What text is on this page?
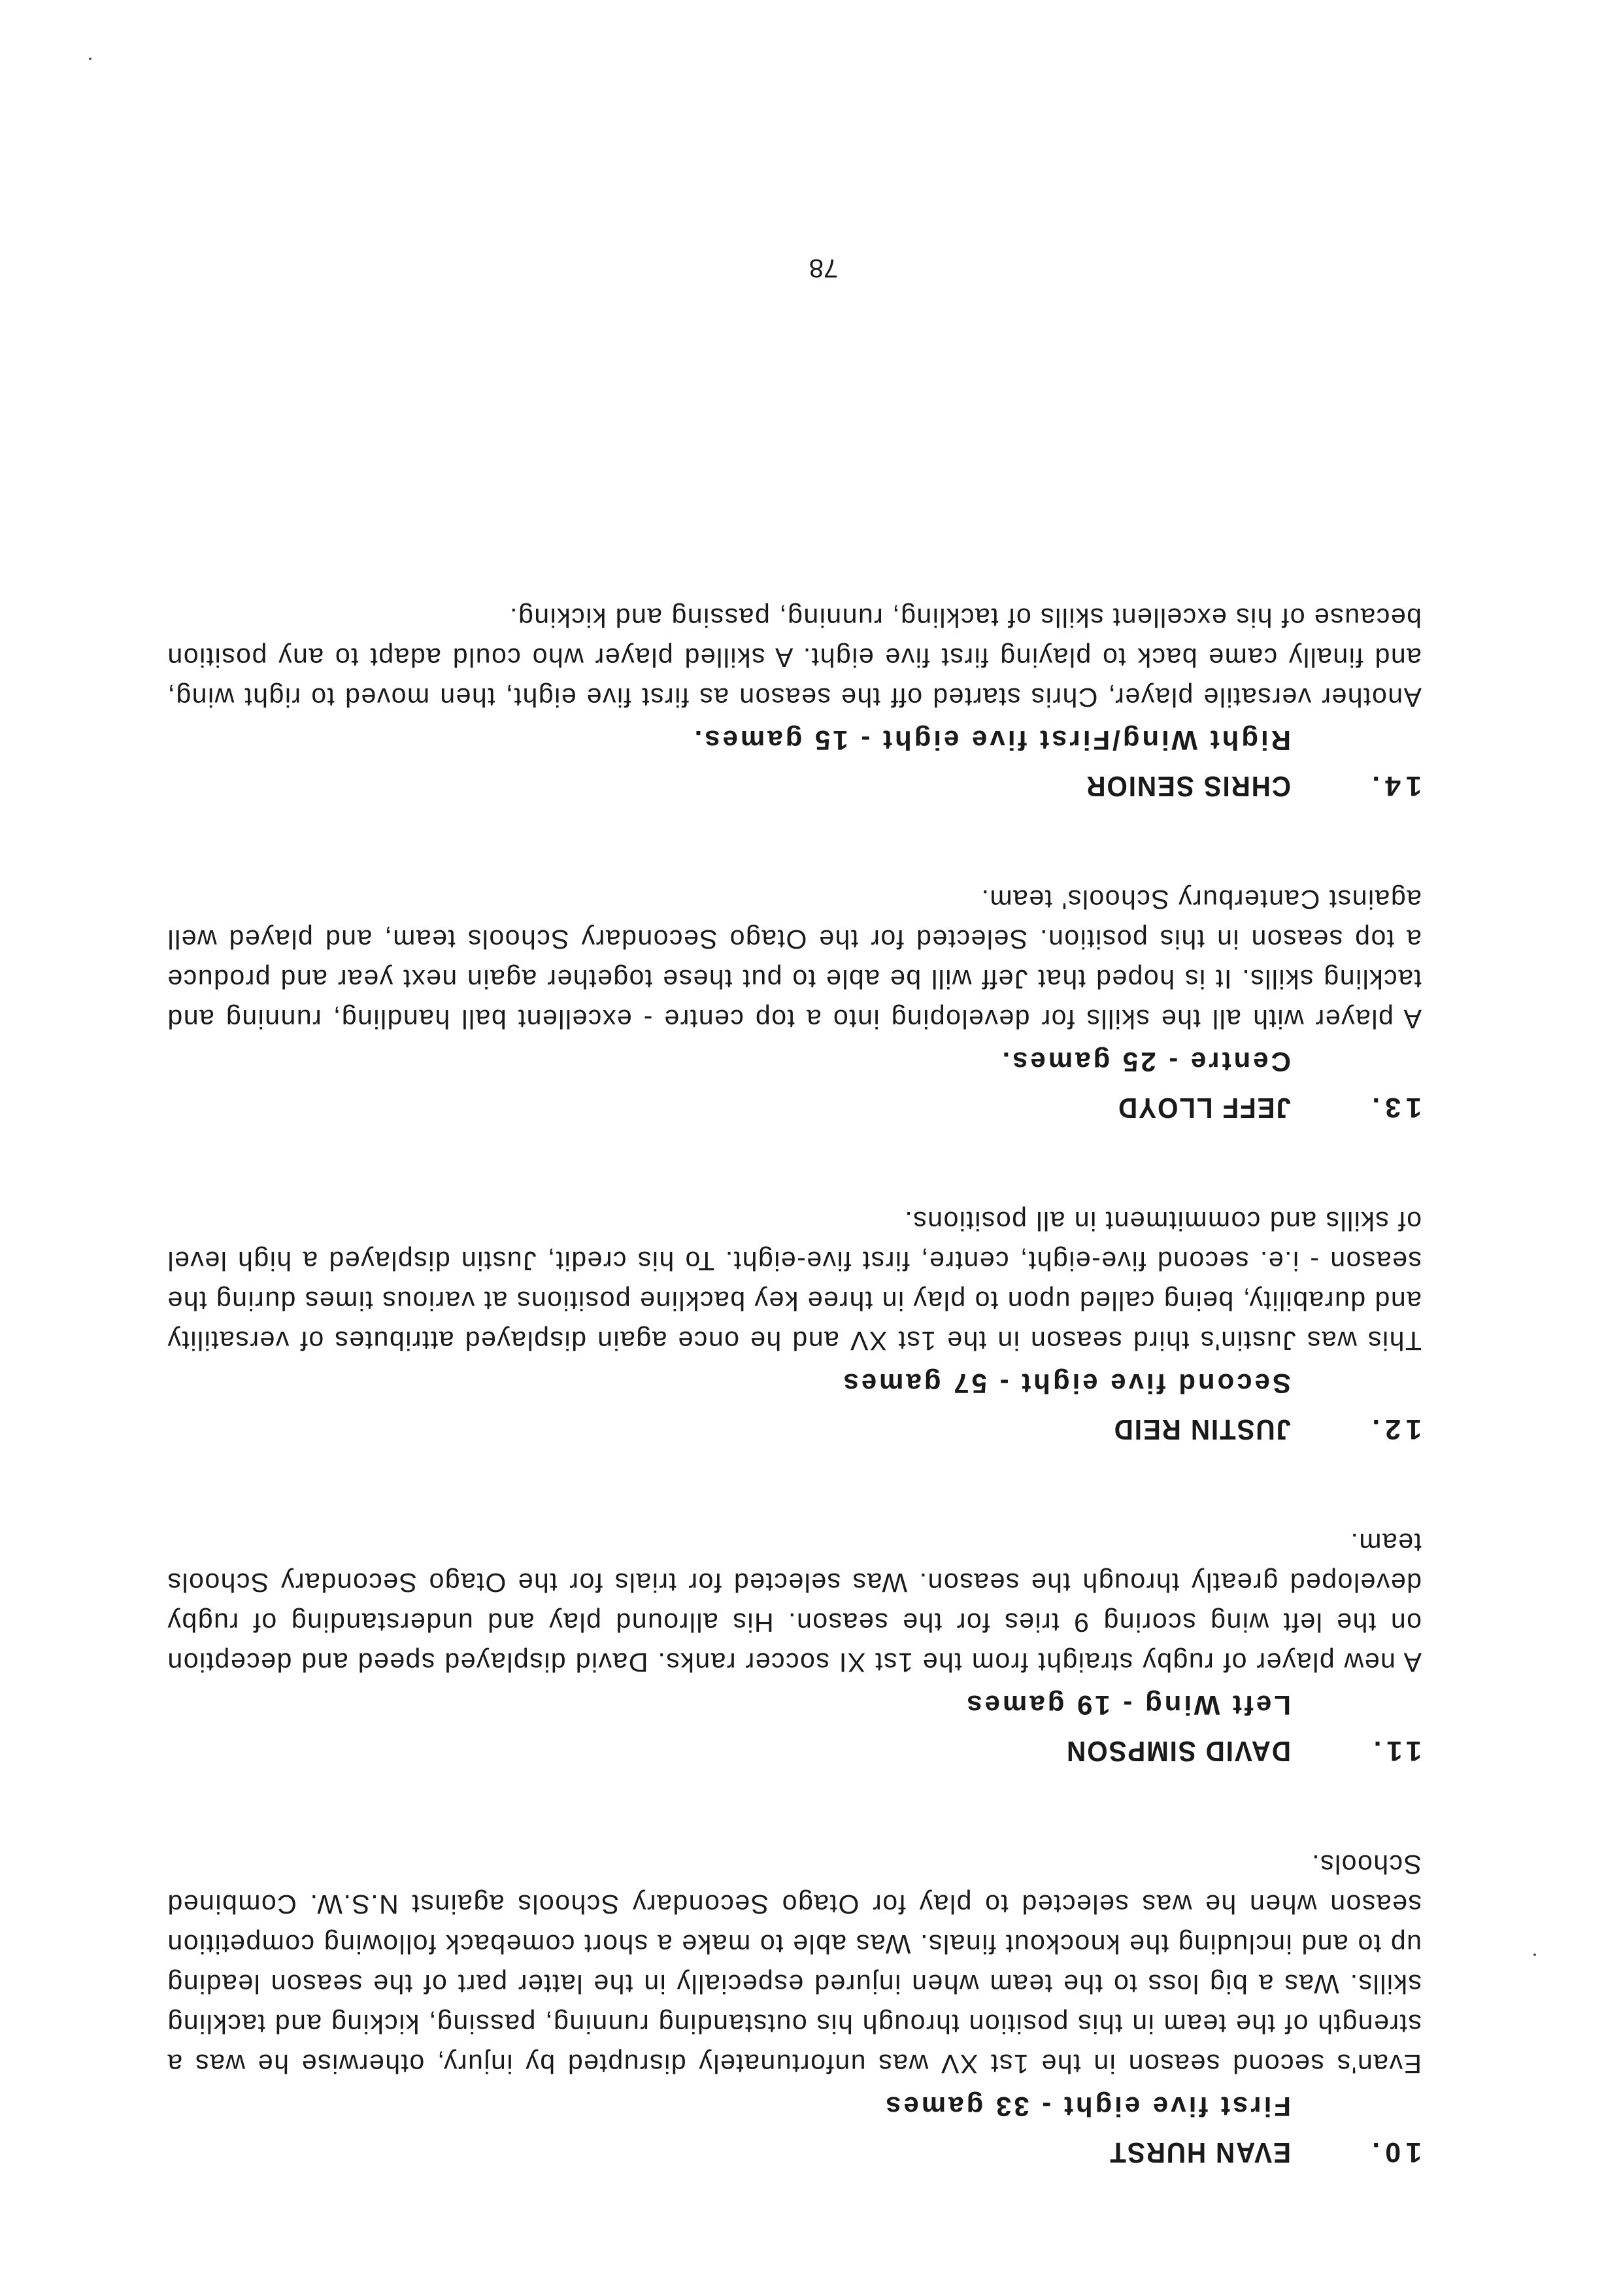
10.
EVAN HURST
First five eight - 33 games
Evan's second season in the 1st XV was unfortunately disrupted by injury, otherwise he was a strength of the team in this position through his outstanding running, passing, kicking and tackling skills. Was a big loss to the team when injured especially in the latter part of the season leading up to and including the knockout finals. Was able to make a short comeback following competition season when he was selected to play for Otago Secondary Schools against N.S.W. Combined Schools.
11.
DAVID SIMPSON
Left Wing - 19 games
A new player of rugby straight from the 1st XI soccer ranks. David displayed speed and deception on the left wing scoring 9 tries for the season. His allround play and understanding of rugby developed greatly through the season. Was selected for trials for the Otago Secondary Schools team.
12.
JUSTIN REID
Second five eight - 57 games
This was Justin's third season in the 1st XV and he once again displayed attributes of versatility and durability, being called upon to play in three key backline positions at various times during the season - i.e. second five-eight, centre, first five-eight. To his credit, Justin displayed a high level of skills and commitment in all positions.
13.
JEFF LLOYD
Centre - 25 games.
A player with all the skills for developing into a top centre - excellent ball handling, running and tackling skills. It is hoped that Jeff will be able to put these together again next year and produce a top season in this position. Selected for the Otago Secondary Schools team, and played well against Canterbury Schools' team.
14.
CHRIS SENIOR
Right Wing/First five eight - 15 games.
Another versatile player, Chris started off the season as first five eight, then moved to right wing, and finally came back to playing first five eight. A skilled player who could adapt to any position because of his excellent skills of tackling, running, passing and kicking.
78
